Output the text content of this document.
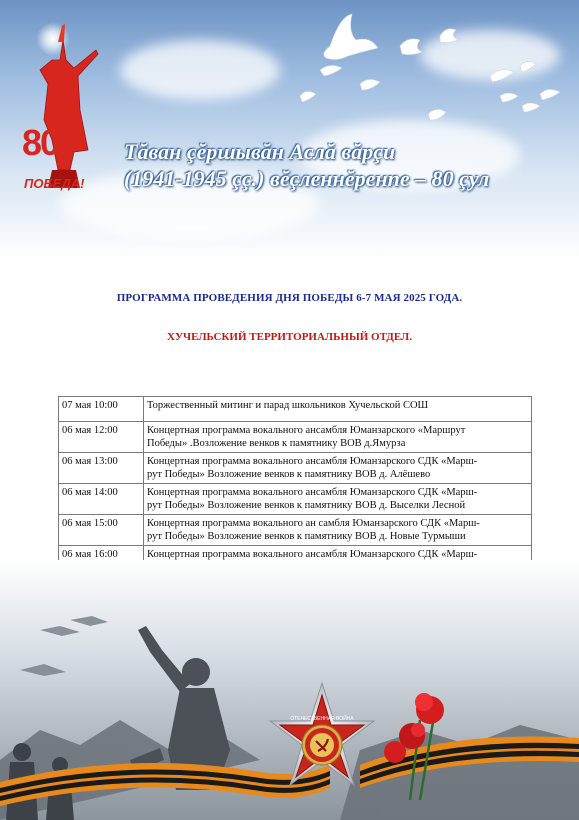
80
ПОБЕДА!
Тăван çĕршывăн Аслă вăрçи
(1941-1945 çç.) вĕçленнĕренпе – 80 çул
ПРОГРАММА ПРОВЕДЕНИЯ ДНЯ ПОБЕДЫ 6-7 МАЯ 2025 ГОДА.
ХУЧЕЛЬСКИЙ ТЕРРИТОРИАЛЬНЫЙ ОТДЕЛ.
07 мая 10:00	Торжественный митинг и парад школьников Хучельской СОШ

06 мая 12:00	Концертная программа вокального ансамбля Юманзарского «Маршрут
Победы» .Возложение венков к памятнику ВОВ д.Ямурза

06 мая 13:00	Концертная программа вокального ансамбля Юманзарского СДК «Марш-
рут Победы» Возложение венков к памятнику ВОВ д. Алёшево

06 мая 14:00	Концертная программа вокального ансамбля Юманзарского СДК «Марш-
рут Победы» Возложение венков к памятнику ВОВ д. Выселки Лесной

06 мая 15:00	Концертная программа вокального ан самбля Юманзарского СДК «Марш-
рут Победы» Возложение венков к памятнику ВОВ д. Новые Турмыши

06 мая 16:00	Концертная программа вокального ансамбля Юманзарского СДК «Марш-
ОТЕЧЕСТВЕННАЯ ВОЙНА
